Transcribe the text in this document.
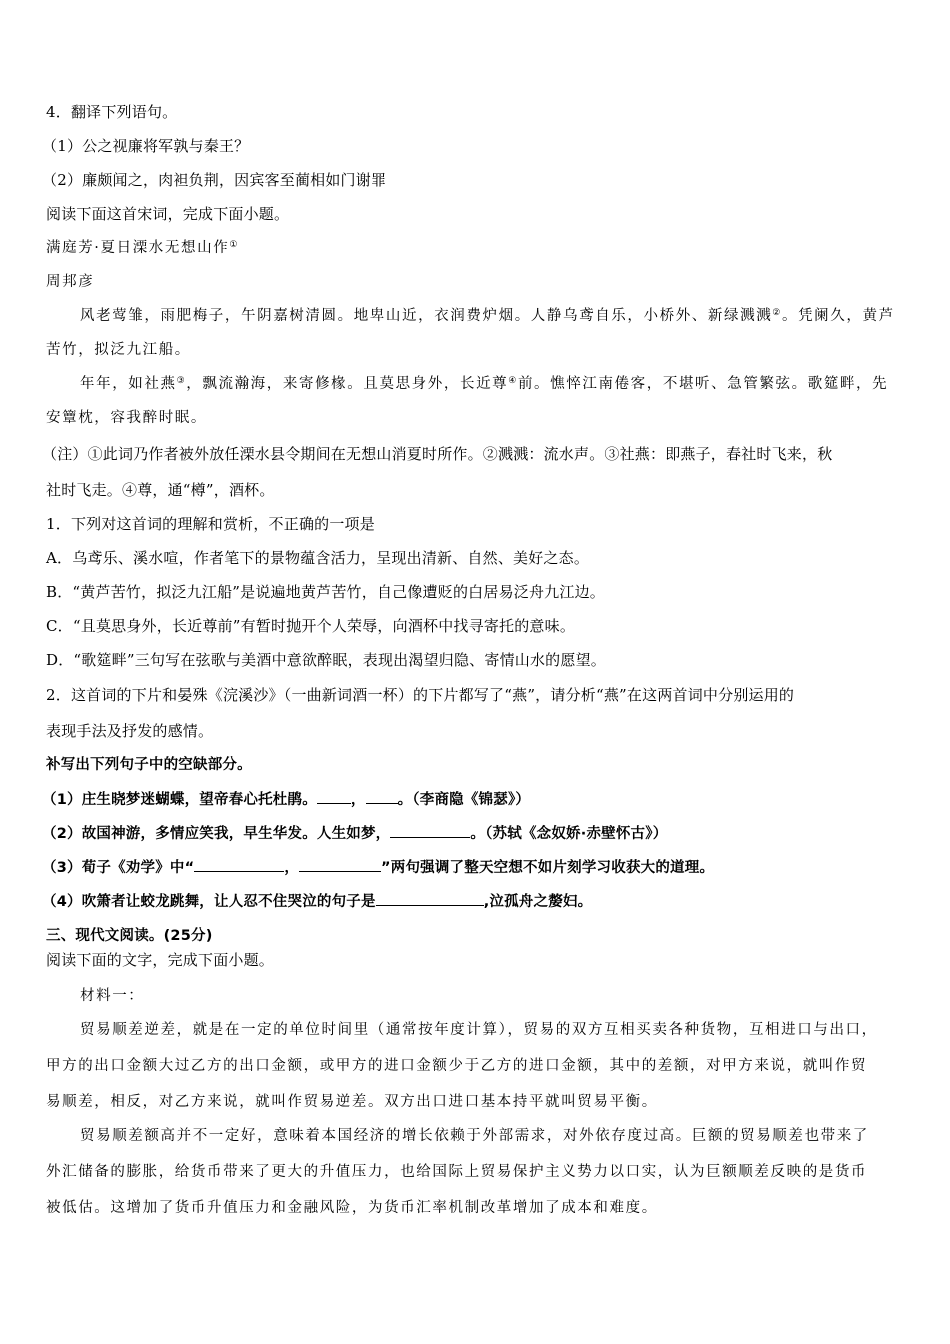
4．翻译下列语句。
（1）公之视廉将军孰与秦王？
（2）廉颇闻之，肉袒负荆，因宾客至蔺相如门谢罪
阅读下面这首宋词，完成下面小题。
满庭芳·夏日溧水无想山作①
周邦彦
风老莺雏，雨肥梅子，午阴嘉树清圆。地卑山近，衣润费炉烟。人静乌鸢自乐，小桥外、新绿溅溅②。凭阑久，黄芦
苦竹，拟泛九江船。
年年，如社燕③，飘流瀚海，来寄修椽。且莫思身外，长近尊④前。憔悴江南倦客，不堪听、急管繁弦。歌筵畔，先
安簟枕，容我醉时眠。
（注）①此词乃作者被外放任溧水县令期间在无想山消夏时所作。②溅溅：流水声。③社燕：即燕子，春社时飞来，秋
社时飞走。④尊，通“樽”，酒杯。
1．下列对这首词的理解和赏析，不正确的一项是
A．乌鸢乐、溪水喧，作者笔下的景物蕴含活力，呈现出清新、自然、美好之态。
B．“黄芦苦竹，拟泛九江船”是说遍地黄芦苦竹，自己像遭贬的白居易泛舟九江边。
C．“且莫思身外，长近尊前”有暂时抛开个人荣辱，向酒杯中找寻寄托的意味。
D．“歌筵畔”三句写在弦歌与美酒中意欲醉眠，表现出渴望归隐、寄情山水的愿望。
2．这首词的下片和晏殊《浣溪沙》（一曲新词酒一杯）的下片都写了“燕”，请分析“燕”在这两首词中分别运用的
表现手法及抒发的感情。
补写出下列句子中的空缺部分。
（1）庄生晓梦迷蝴蝶，望帝春心托杜鹃。 ， 。（李商隐《锦瑟》）
（2）故国神游，多情应笑我，早生华发。人生如梦，	。（苏轼《念奴娇·赤壁怀古》）
（3）荀子《劝学》中“	，	”两句强调了整天空想不如片刻学习收获大的道理。
（4）吹箫者让蛟龙跳舞，让人忍不住哭泣的句子是	,泣孤舟之嫠妇。
三、现代文阅读。(25分)
阅读下面的文字，完成下面小题。
材料一：
贸易顺差逆差，就是在一定的单位时间里（通常按年度计算），贸易的双方互相买卖各种货物，互相进口与出口，
甲方的出口金额大过乙方的出口金额，或甲方的进口金额少于乙方的进口金额，其中的差额，对甲方来说，就叫作贸
易顺差，相反，对乙方来说，就叫作贸易逆差。双方出口进口基本持平就叫贸易平衡。
贸易顺差额高并不一定好，意味着本国经济的增长依赖于外部需求，对外依存度过高。巨额的贸易顺差也带来了
外汇储备的膨胀，给货币带来了更大的升值压力，也给国际上贸易保护主义势力以口实，认为巨额顺差反映的是货币
被低估。这增加了货币升值压力和金融风险，为货币汇率机制改革增加了成本和难度。
